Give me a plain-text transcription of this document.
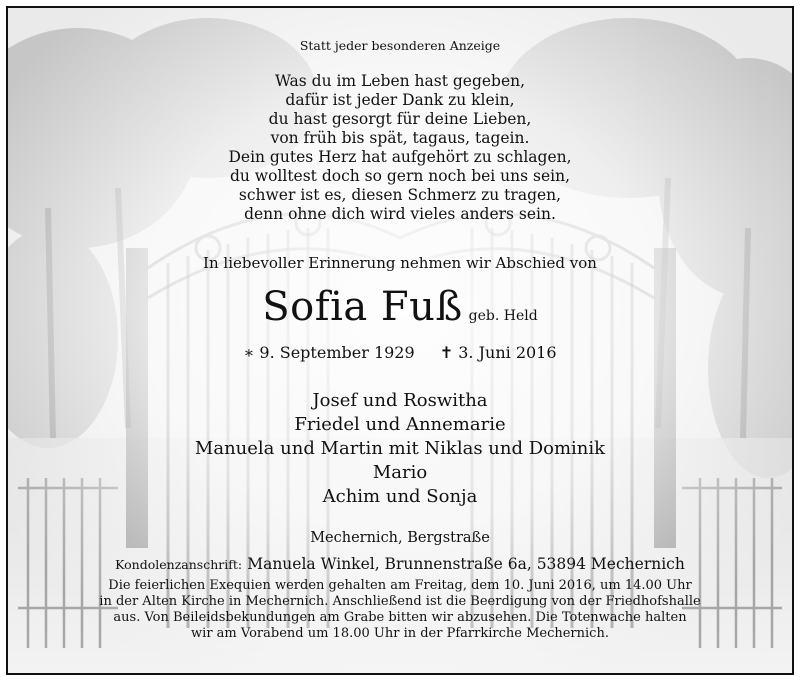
Statt jeder besonderen Anzeige
Was du im Leben hast gegeben,
dafür ist jeder Dank zu klein,
du hast gesorgt für deine Lieben,
von früh bis spät, tagaus, tagein.
Dein gutes Herz hat aufgehört zu schlagen,
du wolltest doch so gern noch bei uns sein,
schwer ist es, diesen Schmerz zu tragen,
denn ohne dich wird vieles anders sein.
In liebevoller Erinnerung nehmen wir Abschied von
Sofia Fuß geb. Held
∗ 9. September 1929 ✝ 3. Juni 2016
Josef und Roswitha
Friedel und Annemarie
Manuela und Martin mit Niklas und Dominik
Mario
Achim und Sonja
Mechernich, Bergstraße
Kondolenzanschrift: Manuela Winkel, Brunnenstraße 6a, 53894 Mechernich
Die feierlichen Exequien werden gehalten am Freitag, dem 10. Juni 2016, um 14.00 Uhr
in der Alten Kirche in Mechernich. Anschließend ist die Beerdigung von der Friedhofshalle
aus. Von Beileidsbekundungen am Grabe bitten wir abzusehen. Die Totenwache halten
wir am Vorabend um 18.00 Uhr in der Pfarrkirche Mechernich.
